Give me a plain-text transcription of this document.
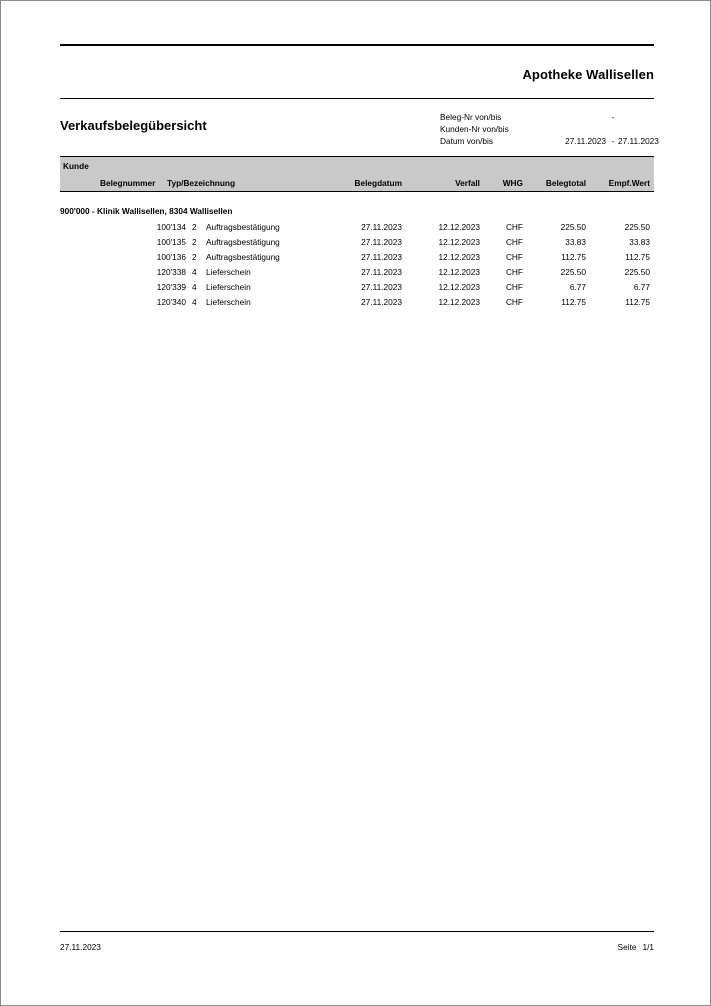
Apotheke Wallisellen
Verkaufsbelegübersicht
Beleg-Nr von/bis	-
Kunden-Nr von/bis
Datum von/bis	27.11.2023 - 27.11.2023
Kunde
Belegnummer Typ/Bezeichnung	Belegdatum	Verfall	WHG	Belegtotal	Empf.Wert
900'000 - Klinik Wallisellen, 8304 Wallisellen
100'134 2	Auftragsbestätigung	27.11.2023	12.12.2023	CHF	225.50	225.50
100'135 2	Auftragsbestätigung	27.11.2023	12.12.2023	CHF	33.83	33.83
100'136 2	Auftragsbestätigung	27.11.2023	12.12.2023	CHF	112.75	112.75
120'338 4	Lieferschein	27.11.2023	12.12.2023	CHF	225.50	225.50
120'339 4	Lieferschein	27.11.2023	12.12.2023	CHF	6.77	6.77
120'340 4	Lieferschein	27.11.2023	12.12.2023	CHF	112.75	112.75
27.11.2023	Seite 1/1
